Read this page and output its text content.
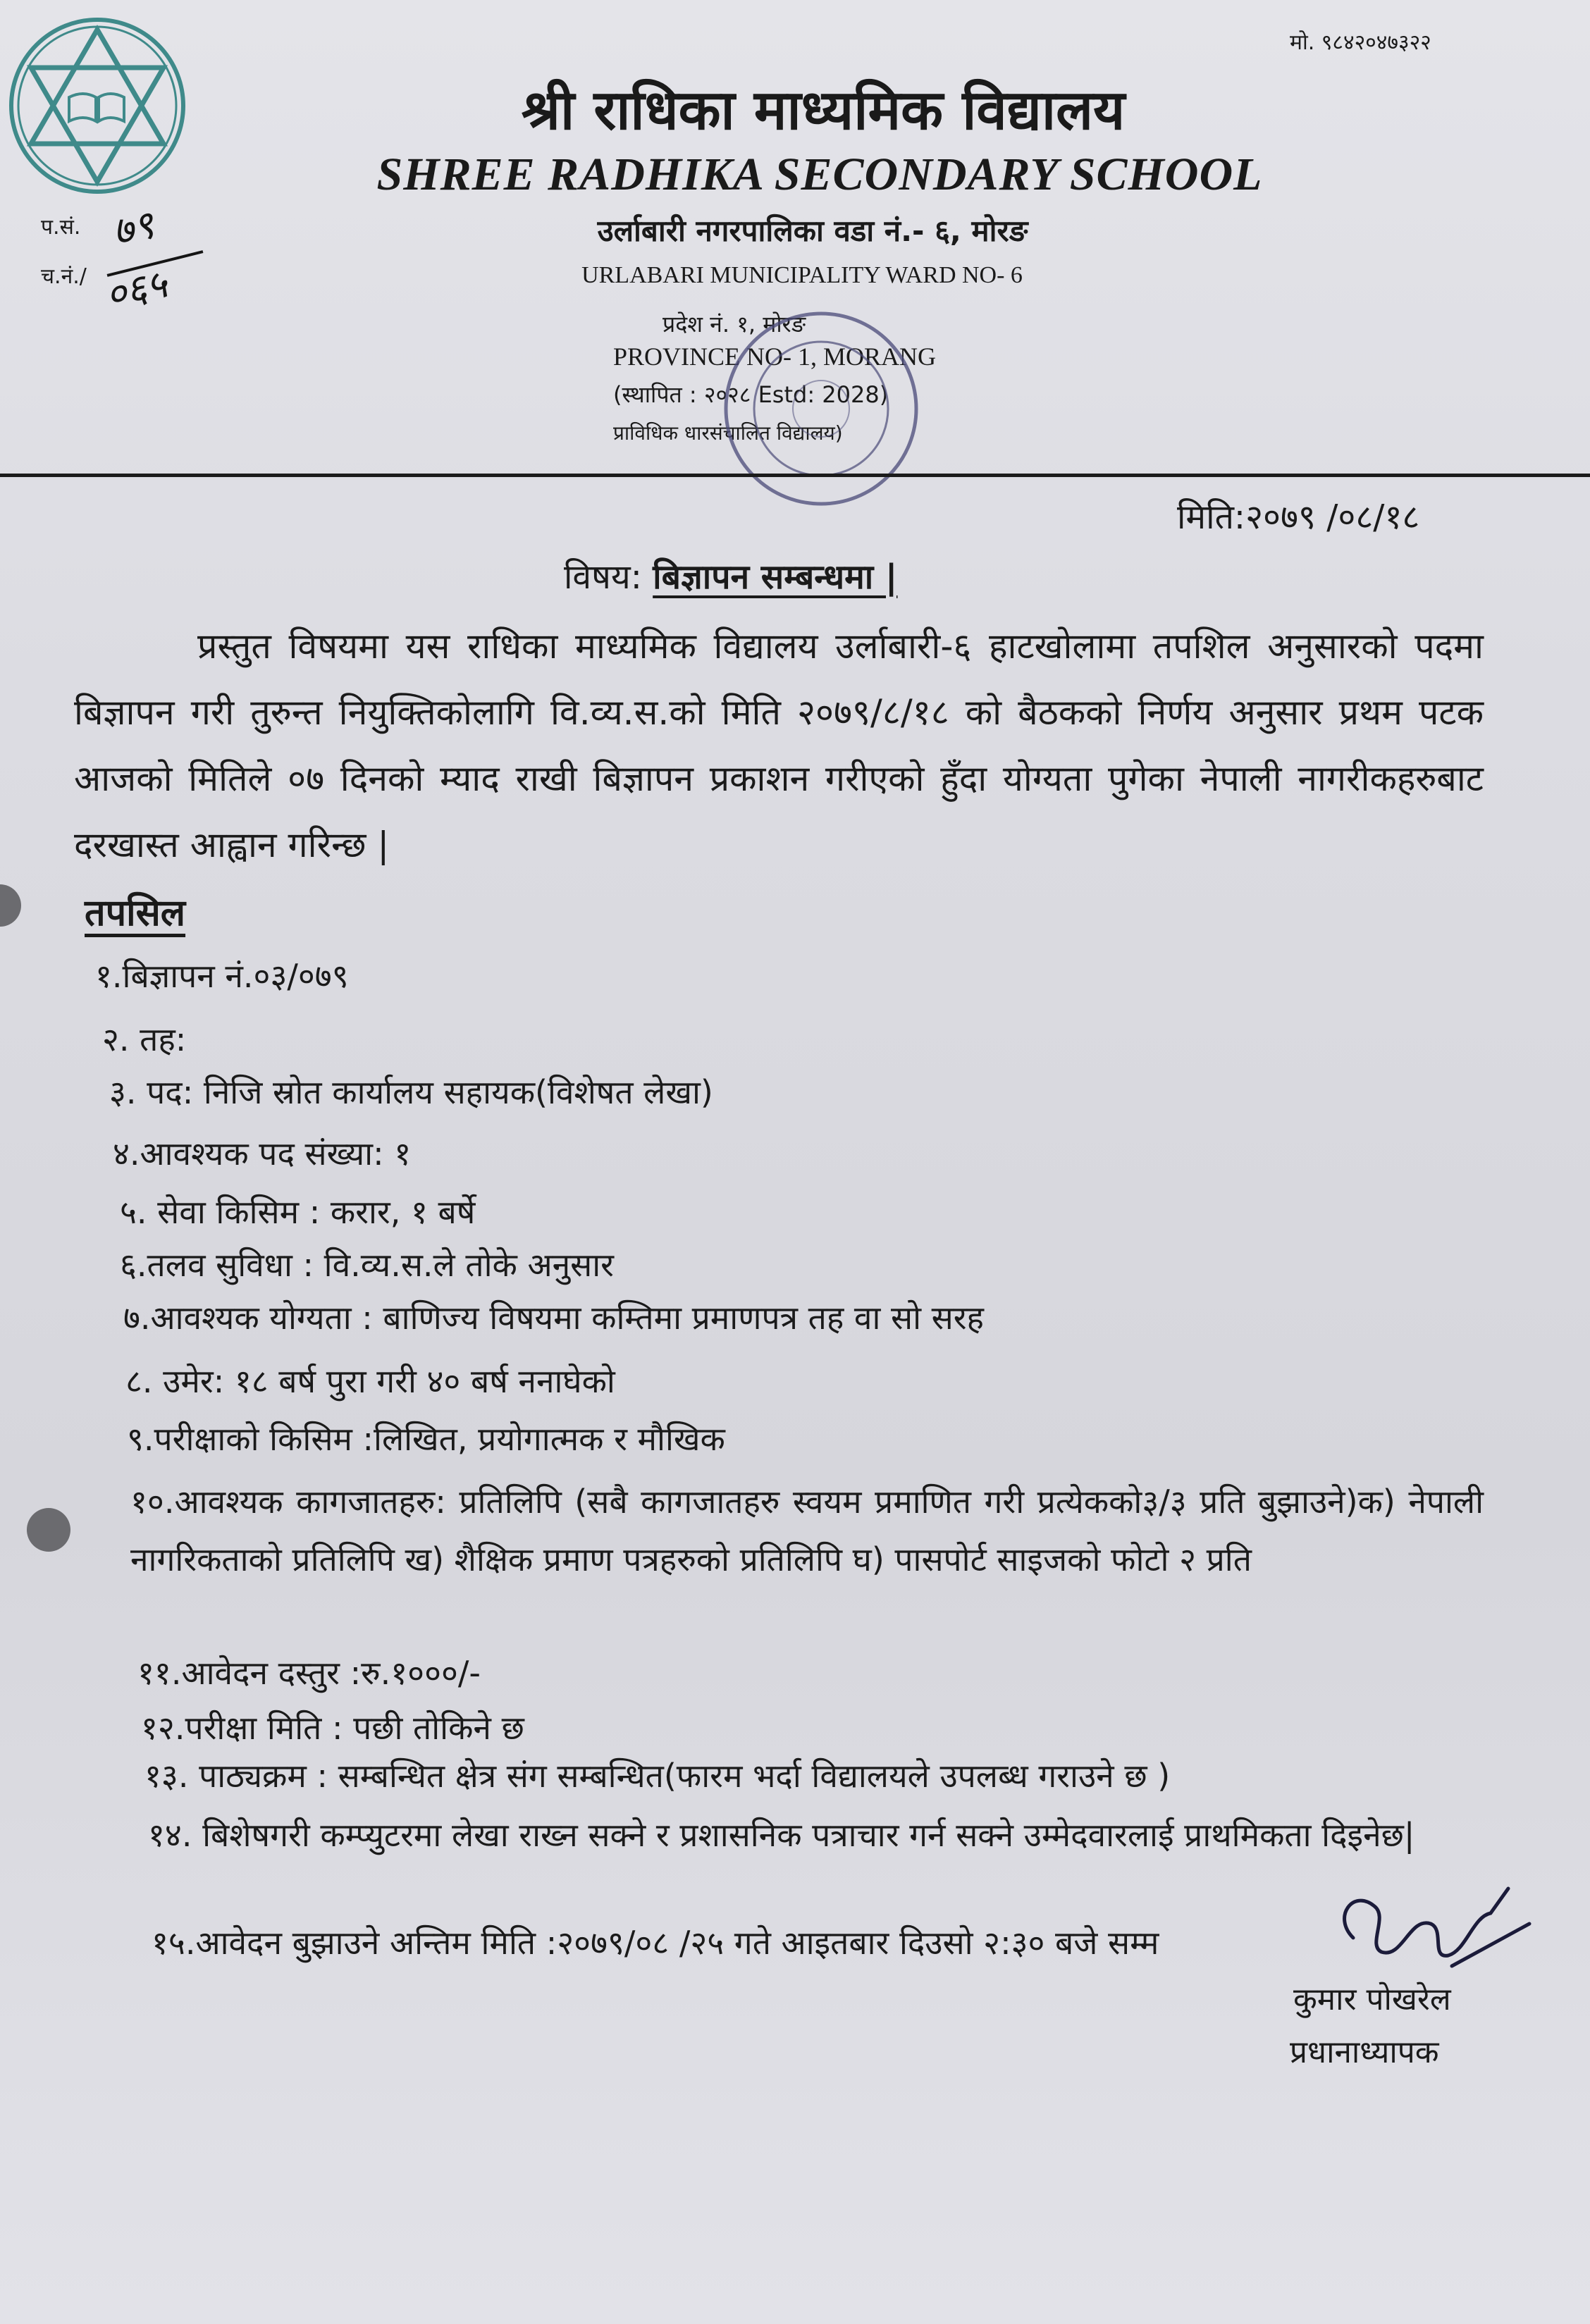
मो. ९८४२०४७३२२
प.सं.
च.नं./
७९
०६५
श्री राधिका माध्यमिक विद्यालय
SHREE RADHIKA SECONDARY SCHOOL
उर्लाबारी नगरपालिका वडा नं.- ६, मोरङ
URLABARI MUNICIPALITY WARD NO- 6
प्रदेश नं. १, मोरङ
PROVINCE NO- 1, MORANG
(स्थापित : २०२८ Estd: 2028)
प्राविधिक धारसंचालित विद्यालय)
मिति:२०७९ /०८/१८
विषय: बिज्ञापन सम्बन्धमा |
प्रस्तुत विषयमा यस राधिका माध्यमिक विद्यालय उर्लाबारी-६ हाटखोलामा तपशिल अनुसारको पदमा बिज्ञापन गरी तुरुन्त नियुक्तिकोलागि वि.व्य.स.को मिति २०७९/८/१८ को बैठकको निर्णय अनुसार प्रथम पटक आजको मितिले ०७ दिनको म्याद राखी बिज्ञापन प्रकाशन गरीएको हुँदा योग्यता पुगेका नेपाली नागरीकहरुबाट दरखास्त आह्वान गरिन्छ |
तपसिल
१.बिज्ञापन नं.०३/०७९
२. तह:
३. पद: निजि स्रोत कार्यालय सहायक(विशेषत लेखा)
४.आवश्यक पद संख्या: १
५. सेवा किसिम : करार, १ बर्षे
६.तलव सुविधा : वि.व्य.स.ले तोके अनुसार
७.आवश्यक योग्यता : बाणिज्य विषयमा कम्तिमा प्रमाणपत्र तह वा सो सरह
८. उमेर: १८ बर्ष पुरा गरी ४० बर्ष ननाघेको
९.परीक्षाको किसिम :लिखित, प्रयोगात्मक र मौखिक
१०.आवश्यक कागजातहरु: प्रतिलिपि (सबै कागजातहरु स्वयम प्रमाणित गरी प्रत्येकको३/३ प्रति बुझाउने)क) नेपाली नागरिकताको प्रतिलिपि ख) शैक्षिक प्रमाण पत्रहरुको प्रतिलिपि घ) पासपोर्ट साइजको फोटो २ प्रति
११.आवेदन दस्तुर :रु.१०००/-
१२.परीक्षा मिति : पछी तोकिने छ
१३. पाठ्यक्रम : सम्बन्धित क्षेत्र संग सम्बन्धित(फारम भर्दा विद्यालयले उपलब्ध गराउने छ )
१४. बिशेषगरी कम्प्युटरमा लेखा राख्न सक्ने र प्रशासनिक पत्राचार गर्न सक्ने उम्मेदवारलाई प्राथमिकता दिइनेछ|
१५.आवेदन बुझाउने अन्तिम मिति :२०७९/०८ /२५ गते आइतबार दिउसो २:३० बजे सम्म
कुमार पोखरेल
प्रधानाध्यापक
